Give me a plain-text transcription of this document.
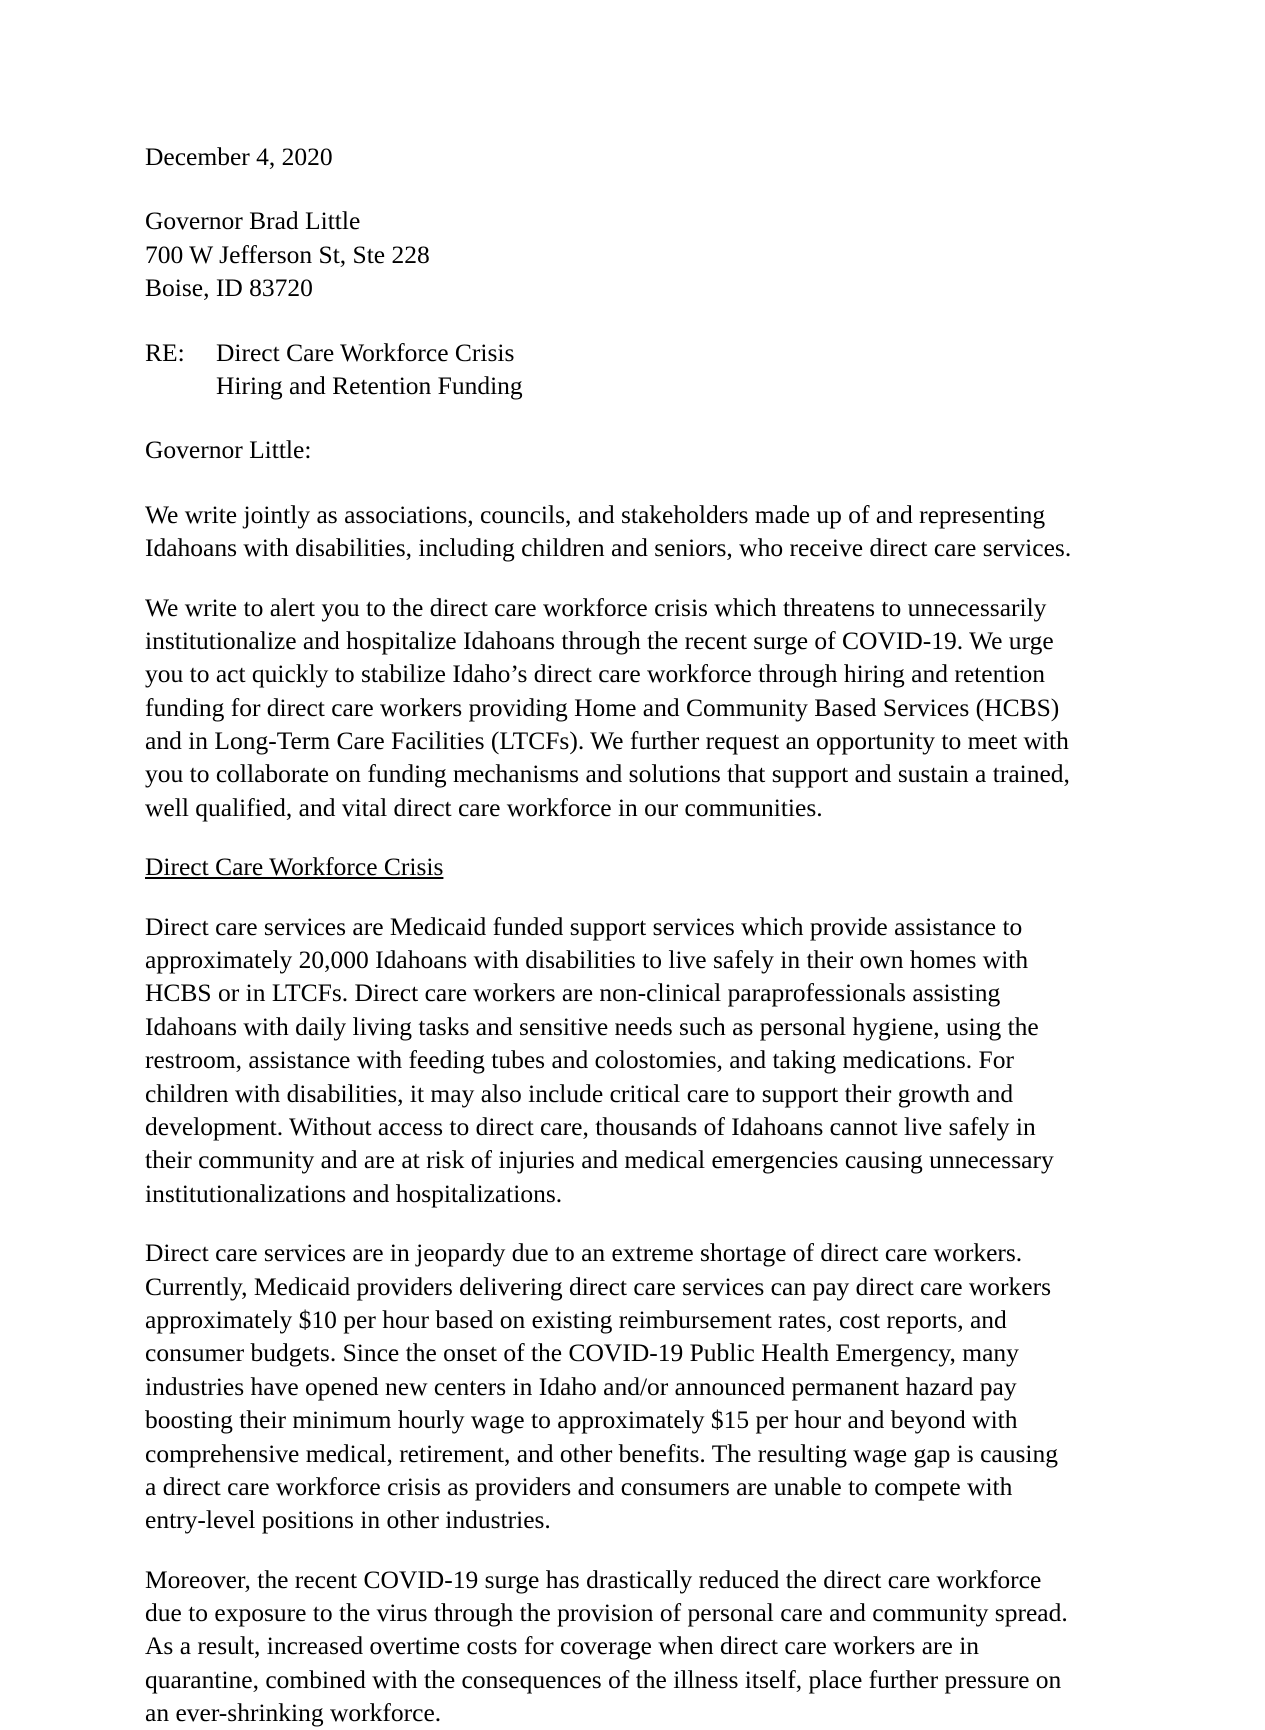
December 4, 2020
Governor Brad Little
700 W Jefferson St, Ste 228
Boise, ID 83720
RE:	Direct Care Workforce Crisis
Hiring and Retention Funding
Governor Little:

We write jointly as associations, councils, and stakeholders made up of and representing Idahoans with disabilities, including children and seniors, who receive direct care services.

We write to alert you to the direct care workforce crisis which threatens to unnecessarily institutionalize and hospitalize Idahoans through the recent surge of COVID-19. We urge you to act quickly to stabilize Idaho’s direct care workforce through hiring and retention funding for direct care workers providing Home and Community Based Services (HCBS) and in Long-Term Care Facilities (LTCFs). We further request an opportunity to meet with you to collaborate on funding mechanisms and solutions that support and sustain a trained, well qualified, and vital direct care workforce in our communities.

Direct Care Workforce Crisis

Direct care services are Medicaid funded support services which provide assistance to approximately 20,000 Idahoans with disabilities to live safely in their own homes with HCBS or in LTCFs. Direct care workers are non-clinical paraprofessionals assisting Idahoans with daily living tasks and sensitive needs such as personal hygiene, using the restroom, assistance with feeding tubes and colostomies, and taking medications. For children with disabilities, it may also include critical care to support their growth and development. Without access to direct care, thousands of Idahoans cannot live safely in their community and are at risk of injuries and medical emergencies causing unnecessary institutionalizations and hospitalizations.

Direct care services are in jeopardy due to an extreme shortage of direct care workers. Currently, Medicaid providers delivering direct care services can pay direct care workers approximately $10 per hour based on existing reimbursement rates, cost reports, and consumer budgets. Since the onset of the COVID-19 Public Health Emergency, many industries have opened new centers in Idaho and/or announced permanent hazard pay boosting their minimum hourly wage to approximately $15 per hour and beyond with comprehensive medical, retirement, and other benefits. The resulting wage gap is causing a direct care workforce crisis as providers and consumers are unable to compete with entry-level positions in other industries.

Moreover, the recent COVID-19 surge has drastically reduced the direct care workforce due to exposure to the virus through the provision of personal care and community spread. As a result, increased overtime costs for coverage when direct care workers are in quarantine, combined with the consequences of the illness itself, place further pressure on an ever-shrinking workforce.
